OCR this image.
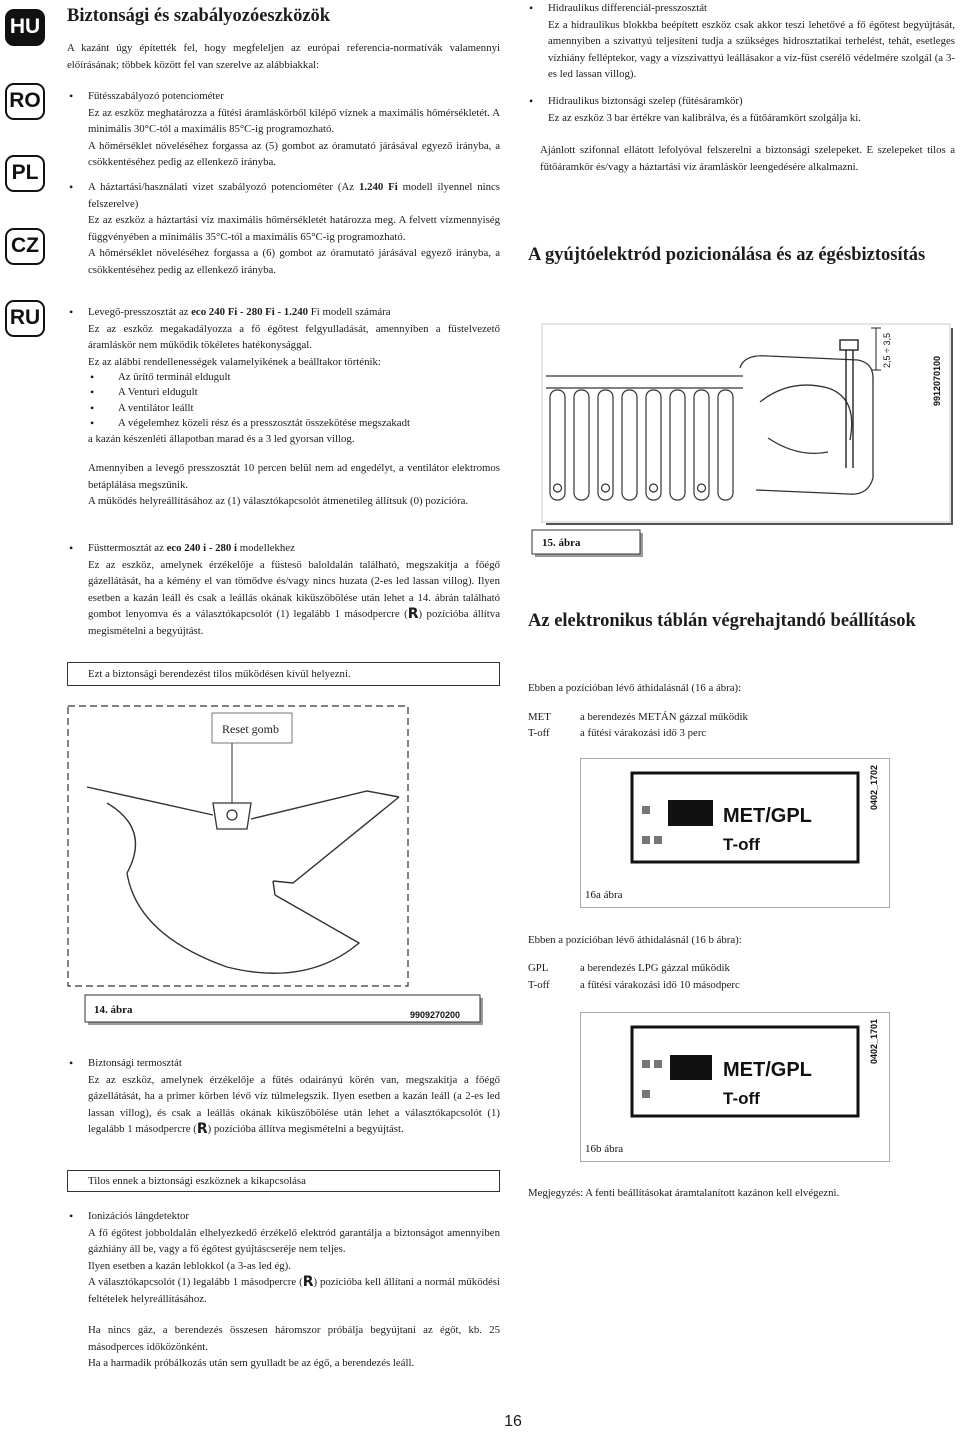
HU
RO
PL
CZ
RU
Biztonsági és szabályozóeszközök
A kazánt úgy építették fel, hogy megfeleljen az európai referencia-normatívák valamennyi előírásának; többek között fel van szerelve az alábbiakkal:

• Fűtésszabályozó potenciométer

Ez az eszköz meghatározza a fűtési áramláskörből kilépő víznek a maximális hőmérsékletét. A minimális 30°C-tól a maximális 85°C-ig programozható.

A hőmérséklet növeléséhez forgassa az (5) gombot az óramutató járásával egyező irányba, a csökkentéséhez pedig az ellenkező irányba.

• A háztartási/használati vizet szabályozó potenciométer (Az 1.240 Fi modell ilyennel nincs felszerelve)

Ez az eszköz a háztartási víz maximális hőmérsékletét határozza meg. A felvett vízmennyiség függvényében a minimális 35°C-tól a maximális 65°C-ig programozható.

A hőmérséklet növeléséhez forgassa a (6) gombot az óramutató járásával egyező irányba, a csökkentéséhez pedig az ellenkező irányba.

• Levegő-presszosztát az eco 240 Fi - 280 Fi - 1.240 Fi modell számára

Ez az eszköz megakadályozza a fő égőtest felgyulladását, amennyiben a füstelvezető áramláskör nem működik tökéletes hatékonysággal.

Ez az alábbi rendellenességek valamelyikének a beálltakor történik:

• Az ürítő terminál eldugult
• A Venturi eldugult
• A ventilátor leállt
• A végelemhez közeli rész és a presszosztát összekötése megszakadt

a kazán készenléti állapotban marad és a 3 led gyorsan villog.

Amennyiben a levegő presszosztát 10 percen belül nem ad engedélyt, a ventilátor elektromos betáplálása megszűnik.

A működés helyreállításához az (1) választókapcsolót átmenetileg állítsuk (0) pozícióra.

• Füsttermosztát az eco 240 i - 280 i modellekhez

Ez az eszköz, amelynek érzékelője a füstesö baloldalán található, megszakítja a főégő gázellátását, ha a kémény el van tömődve és/vagy nincs huzata (2-es led lassan villog). Ilyen esetben a kazán leáll és csak a leállás okának kiküszöbölése után lehet a 14. ábrán található gombot lenyomva és a választókapcsolót (1) legalább 1 másodpercre (R) pozícióba állítva megismételni a begyújtást.

Ezt a biztonsági berendezést tilos működésen kívül helyezni.
Reset gomb
14. ábra	9909270200

• Biztonsági termosztát

Ez az eszköz, amelynek érzékelője a fűtés odairányú körén van, megszakítja a főégő gázellátását, ha a primer körben lévő víz túlmelegszik. Ilyen esetben a kazán leáll (a 2-es led lassan villog), és csak a leállás okának kiküszöbölése után lehet a választókapcsolót (1) legalább 1 másodpercre (R) pozícióba állítva megismételni a begyújtást.

Tilos ennek a biztonsági eszköznek a kikapcsolása

• Ionizációs lángdetektor

A fő égőtest jobboldalán elhelyezkedő érzékelő elektród garantálja a biztonságot amennyiben gázhiány áll be, vagy a fő égőtest gyújtáscseréje nem teljes.

Ilyen esetben a kazán leblokkol (a 3-as led ég).

A választókapcsolót (1) legalább 1 másodpercre (R) pozícióba kell állítani a normál működési feltételek helyreállításához.

Ha nincs gáz, a berendezés összesen háromszor próbálja begyújtani az égőt, kb. 25 másodperces időközönként.

Ha a harmadik próbálkozás után sem gyulladt be az égő, a berendezés leáll.

• Hidraulikus differenciál-presszosztát

Ez a hidraulikus blokkba beépített eszköz csak akkor teszi lehetővé a fő égőtest begyújtását, amennyiben a szivattyú teljesíteni tudja a szükséges hidrosztatikai terhelést, tehát, esetleges vízhiány felléptekor, vagy a vízszivattyú leállásakor a víz-füst cserélő védelmére szolgál (a 3-es led lassan villog).

• Hidraulikus biztonsági szelep (fűtésáramkör)

Ez az eszköz 3 bar értékre van kalibrálva, és a fűtőáramkört szolgálja ki.

Ajánlott szifonnal ellátott lefolyóval felszerelni a biztonsági szelepeket. E szelepeket tilos a fűtőáramkör és/vagy a háztartási víz áramláskör leengedésére alkalmazni.
A gyújtóelektród pozicionálása és az égésbiztosítás
2,5 ÷ 3,5
9912070100
15. ábra
Az elektronikus táblán végrehajtandó beállítások
Ebben a pozícióban lévő áthidalásnál (16 a ábra):
MET	a berendezés METÁN gázzal működik
T-off	a fűtési várakozási idő 3 perc
MET/GPL
T-off
0402_1702
16a ábra
Ebben a pozícióban lévő áthidalásnál (16 b ábra):
GPL	a berendezés LPG gázzal működik
T-off	a fűtési várakozási idő 10 másodperc
MET/GPL
T-off
0402_1701
16b ábra
Megjegyzés: A fenti beállításokat áramtalanított kazánon kell elvégezni.
16
